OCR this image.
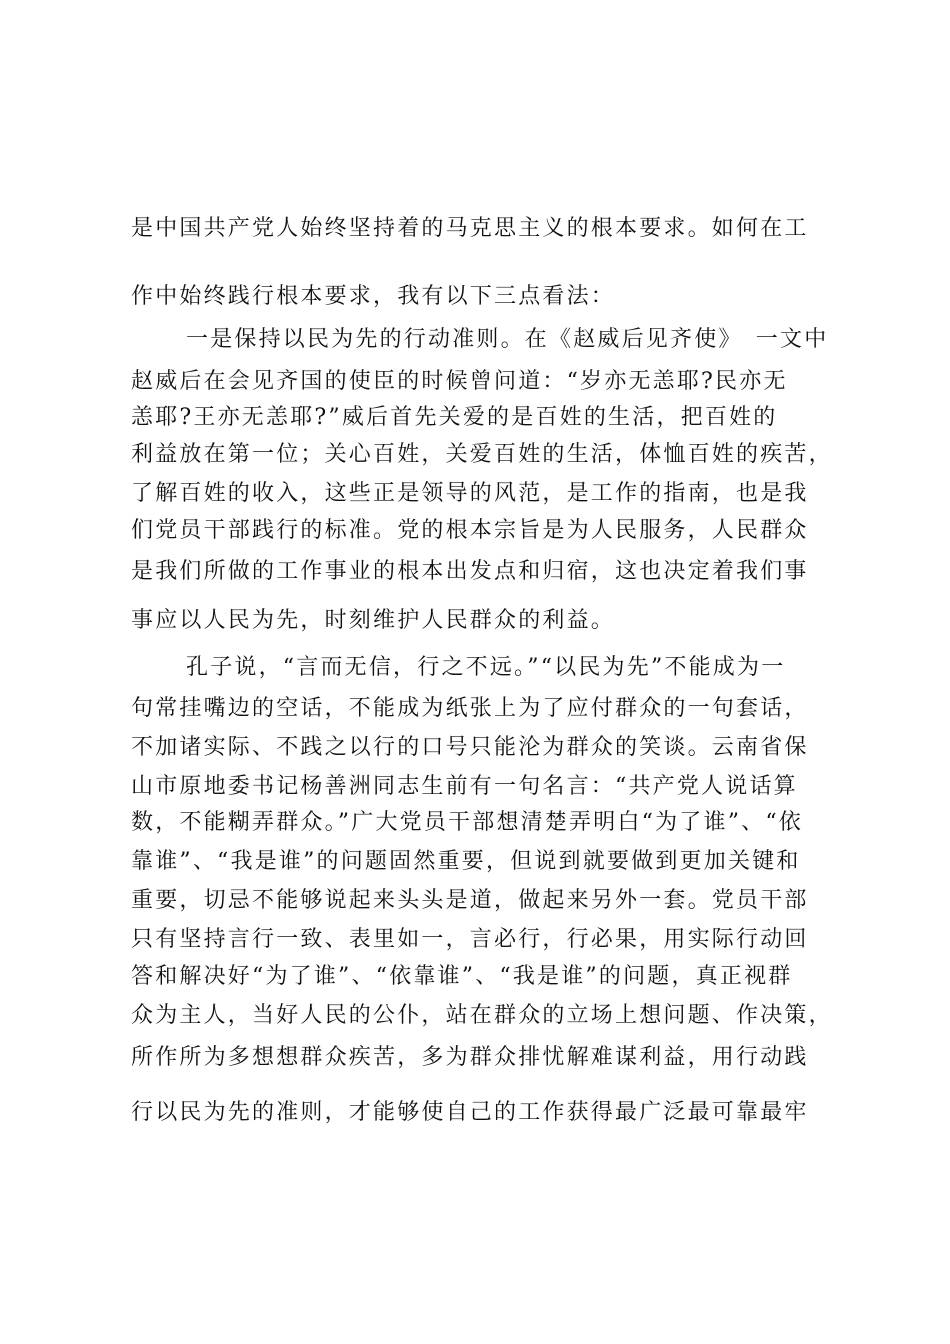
是中国共产党人始终坚持着的马克思主义的根本要求。如何在工
作中始终践行根本要求，我有以下三点看法：
一是保持以民为先的行动准则。在《赵威后见齐使》　一文中
赵威后在会见齐国的使臣的时候曾问道：“岁亦无恙耶?民亦无
恙耶?王亦无恙耶?”威后首先关爱的是百姓的生活，把百姓的
利益放在第一位；关心百姓，关爱百姓的生活，体恤百姓的疾苦，
了解百姓的收入，这些正是领导的风范，是工作的指南，也是我
们党员干部践行的标准。党的根本宗旨是为人民服务，人民群众
是我们所做的工作事业的根本出发点和归宿，这也决定着我们事
事应以人民为先，时刻维护人民群众的利益。
孔子说，“言而无信，行之不远。”“以民为先”不能成为一
句常挂嘴边的空话，不能成为纸张上为了应付群众的一句套话，
不加诸实际、不践之以行的口号只能沦为群众的笑谈。云南省保
山市原地委书记杨善洲同志生前有一句名言：“共产党人说话算
数，不能糊弄群众。”广大党员干部想清楚弄明白“为了谁”、“依
靠谁”、“我是谁”的问题固然重要，但说到就要做到更加关键和
重要，切忌不能够说起来头头是道，做起来另外一套。党员干部
只有坚持言行一致、表里如一，言必行，行必果，用实际行动回
答和解决好“为了谁”、“依靠谁”、“我是谁”的问题，真正视群
众为主人，当好人民的公仆，站在群众的立场上想问题、作决策，
所作所为多想想群众疾苦，多为群众排忧解难谋利益，用行动践
行以民为先的准则，才能够使自己的工作获得最广泛最可靠最牢
